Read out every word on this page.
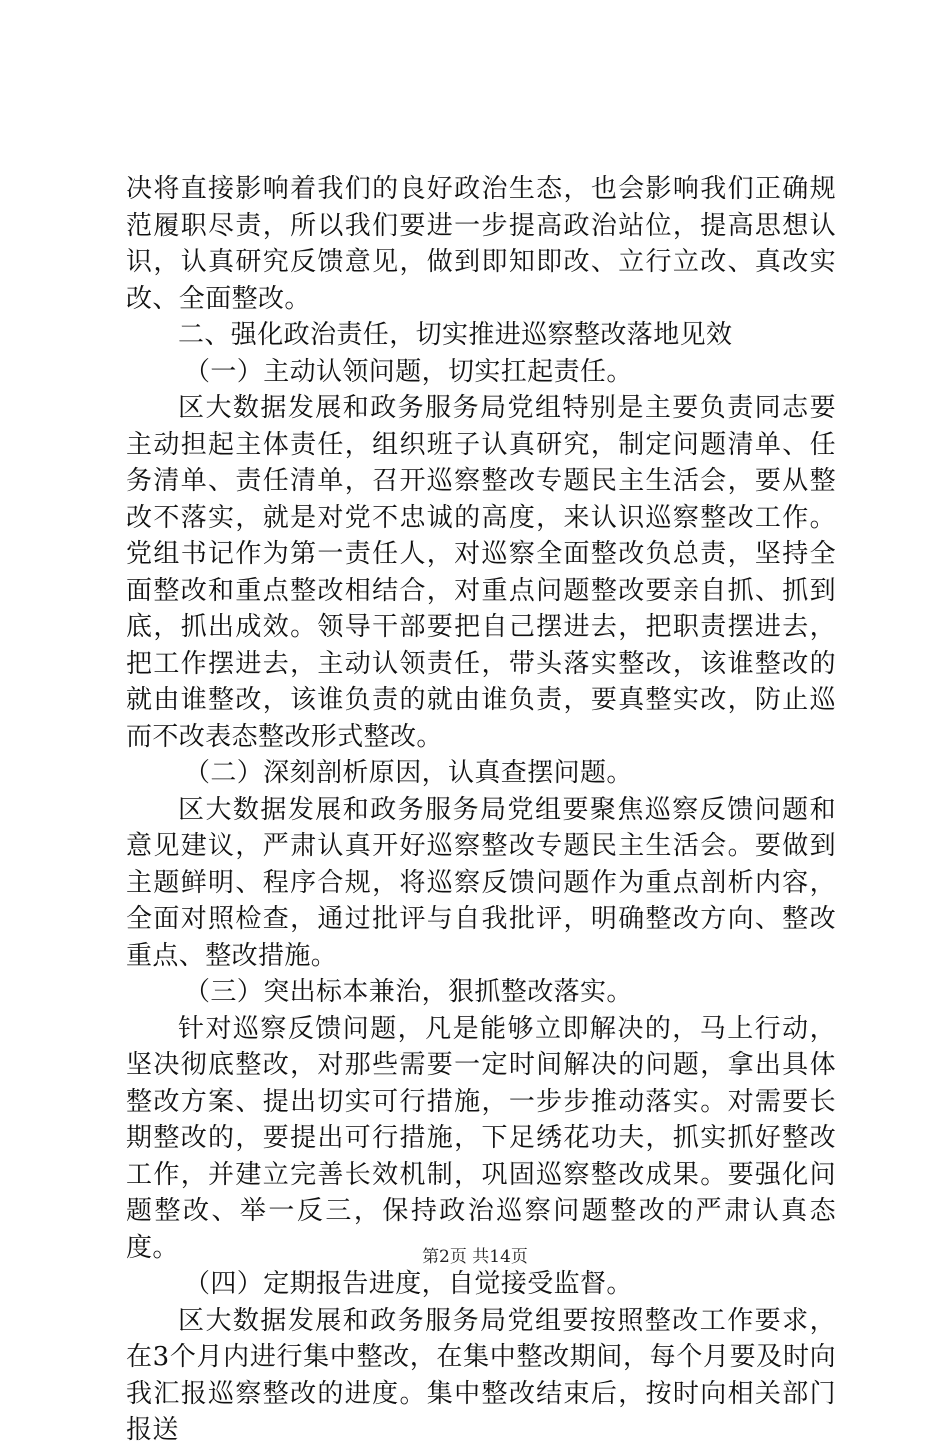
决将直接影响着我们的良好政治生态，也会影响我们正确规范履职尽责，所以我们要进一步提高政治站位，提高思想认识，认真研究反馈意见，做到即知即改、立行立改、真改实改、全面整改。

二、强化政治责任，切实推进巡察整改落地见效

（一）主动认领问题，切实扛起责任。

区大数据发展和政务服务局党组特别是主要负责同志要主动担起主体责任，组织班子认真研究，制定问题清单、任务清单、责任清单，召开巡察整改专题民主生活会，要从整改不落实，就是对党不忠诚的高度，来认识巡察整改工作。党组书记作为第一责任人，对巡察全面整改负总责，坚持全面整改和重点整改相结合，对重点问题整改要亲自抓、抓到底，抓出成效。领导干部要把自己摆进去，把职责摆进去，把工作摆进去，主动认领责任，带头落实整改，该谁整改的就由谁整改，该谁负责的就由谁负责，要真整实改，防止巡而不改表态整改形式整改。

（二）深刻剖析原因，认真查摆问题。

区大数据发展和政务服务局党组要聚焦巡察反馈问题和意见建议，严肃认真开好巡察整改专题民主生活会。要做到主题鲜明、程序合规，将巡察反馈问题作为重点剖析内容，全面对照检查，通过批评与自我批评，明确整改方向、整改重点、整改措施。

（三）突出标本兼治，狠抓整改落实。

针对巡察反馈问题，凡是能够立即解决的，马上行动，坚决彻底整改，对那些需要一定时间解决的问题，拿出具体整改方案、提出切实可行措施，一步步推动落实。对需要长期整改的，要提出可行措施，下足绣花功夫，抓实抓好整改工作，并建立完善长效机制，巩固巡察整改成果。要强化问题整改、举一反三，保持政治巡察问题整改的严肃认真态度。

（四）定期报告进度，自觉接受监督。

区大数据发展和政务服务局党组要按照整改工作要求，在3个月内进行集中整改，在集中整改期间，每个月要及时向我汇报巡察整改的进度。集中整改结束后，按时向相关部门报送

第2页 共14页
